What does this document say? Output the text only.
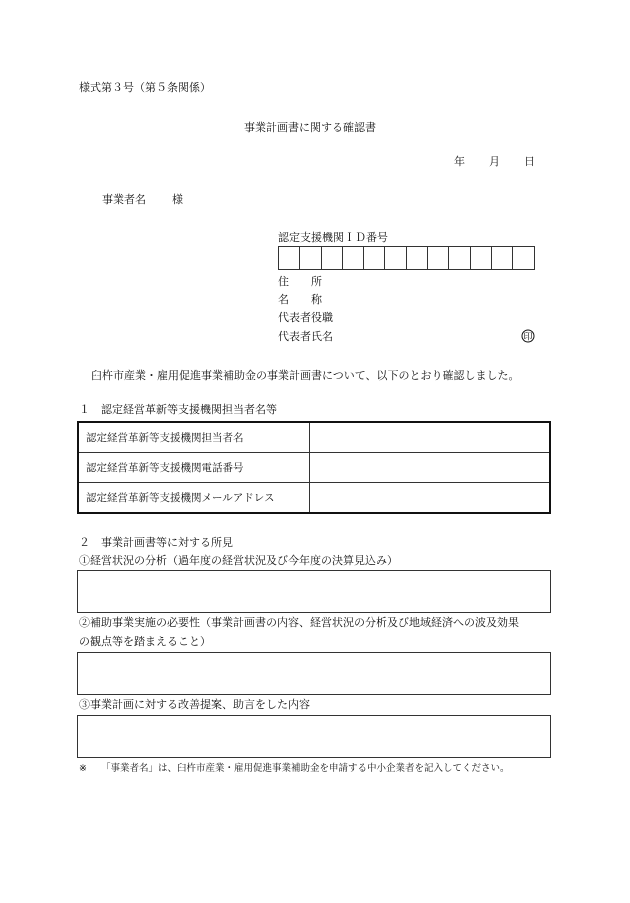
様式第３号（第５条関係）
事業計画書に関する確認書
年 月 日
事業者名 様
認定支援機関ＩＤ番号
住　　所
名　　称
代表者役職
代表者氏名	印
臼杵市産業・雇用促進事業補助金の事業計画書について、以下のとおり確認しました。
１　認定経営革新等支援機関担当者名等
認定経営革新等支援機関担当者名	
認定経営革新等支援機関電話番号	
認定経営革新等支援機関メールアドレス	
２　事業計画書等に対する所見
①経営状況の分析（過年度の経営状況及び今年度の決算見込み）
②補助事業実施の必要性（事業計画書の内容、経営状況の分析及び地域経済への波及効果
の観点等を踏まえること）
③事業計画に対する改善提案、助言をした内容
※ 「事業者名」は、臼杵市産業・雇用促進事業補助金を申請する中小企業者を記入してください。
